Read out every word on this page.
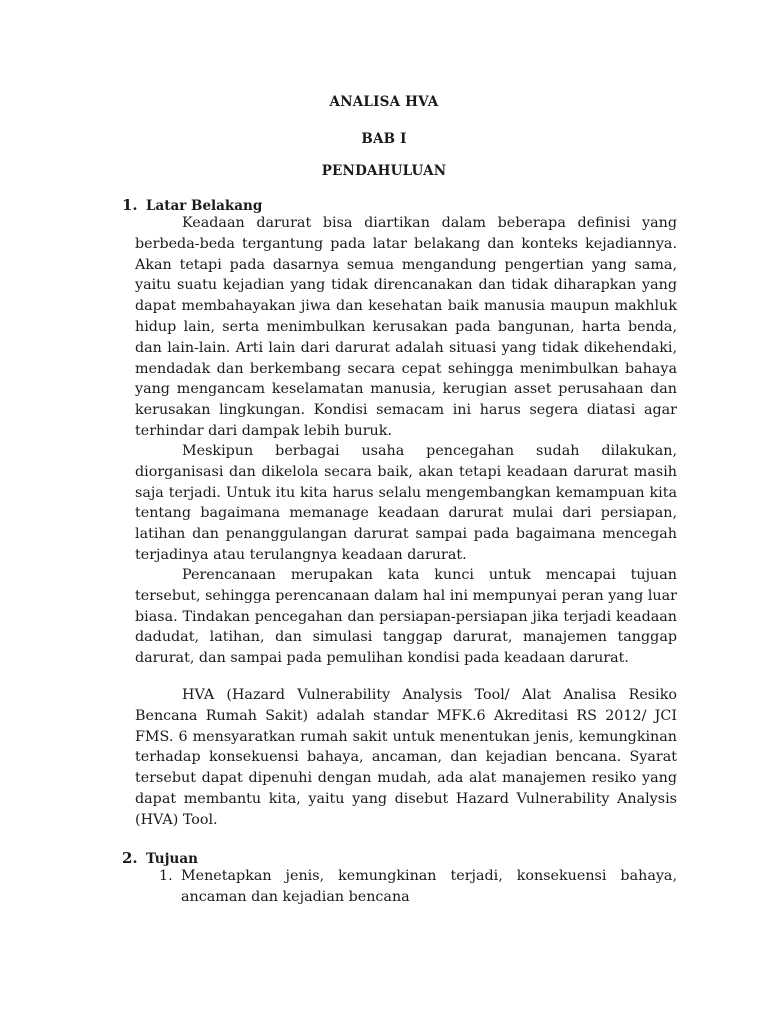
ANALISA HVA
BAB I
PENDAHULUAN
1. Latar Belakang

Keadaan darurat bisa diartikan dalam beberapa definisi yang berbeda-beda tergantung pada latar belakang dan konteks kejadiannya. Akan tetapi pada dasarnya semua mengandung pengertian yang sama, yaitu suatu kejadian yang tidak direncanakan dan tidak diharapkan yang dapat membahayakan jiwa dan kesehatan baik manusia maupun makhluk hidup lain, serta menimbulkan kerusakan pada bangunan, harta benda, dan lain-lain. Arti lain dari darurat adalah situasi yang tidak dikehendaki, mendadak dan berkembang secara cepat sehingga menimbulkan bahaya yang mengancam keselamatan manusia, kerugian asset perusahaan dan kerusakan lingkungan. Kondisi semacam ini harus segera diatasi agar terhindar dari dampak lebih buruk.

Meskipun berbagai usaha pencegahan sudah dilakukan, diorganisasi dan dikelola secara baik, akan tetapi keadaan darurat masih saja terjadi. Untuk itu kita harus selalu mengembangkan kemampuan kita tentang bagaimana memanage keadaan darurat mulai dari persiapan, latihan dan penanggulangan darurat sampai pada bagaimana mencegah terjadinya atau terulangnya keadaan darurat.

Perencanaan merupakan kata kunci untuk mencapai tujuan tersebut, sehingga perencanaan dalam hal ini mempunyai peran yang luar biasa. Tindakan pencegahan dan persiapan-persiapan jika terjadi keadaan dadudat, latihan, dan simulasi tanggap darurat, manajemen tanggap darurat, dan sampai pada pemulihan kondisi pada keadaan darurat.

HVA (Hazard Vulnerability Analysis Tool/ Alat Analisa Resiko Bencana Rumah Sakit) adalah standar MFK.6 Akreditasi RS 2012/ JCI FMS. 6 mensyaratkan rumah sakit untuk menentukan jenis, kemungkinan terhadap konsekuensi bahaya, ancaman, dan kejadian bencana. Syarat tersebut dapat dipenuhi dengan mudah, ada alat manajemen resiko yang dapat membantu kita, yaitu yang disebut Hazard Vulnerability Analysis (HVA) Tool.

2. Tujuan
1. Menetapkan jenis, kemungkinan terjadi, konsekuensi bahaya, ancaman dan kejadian bencana
